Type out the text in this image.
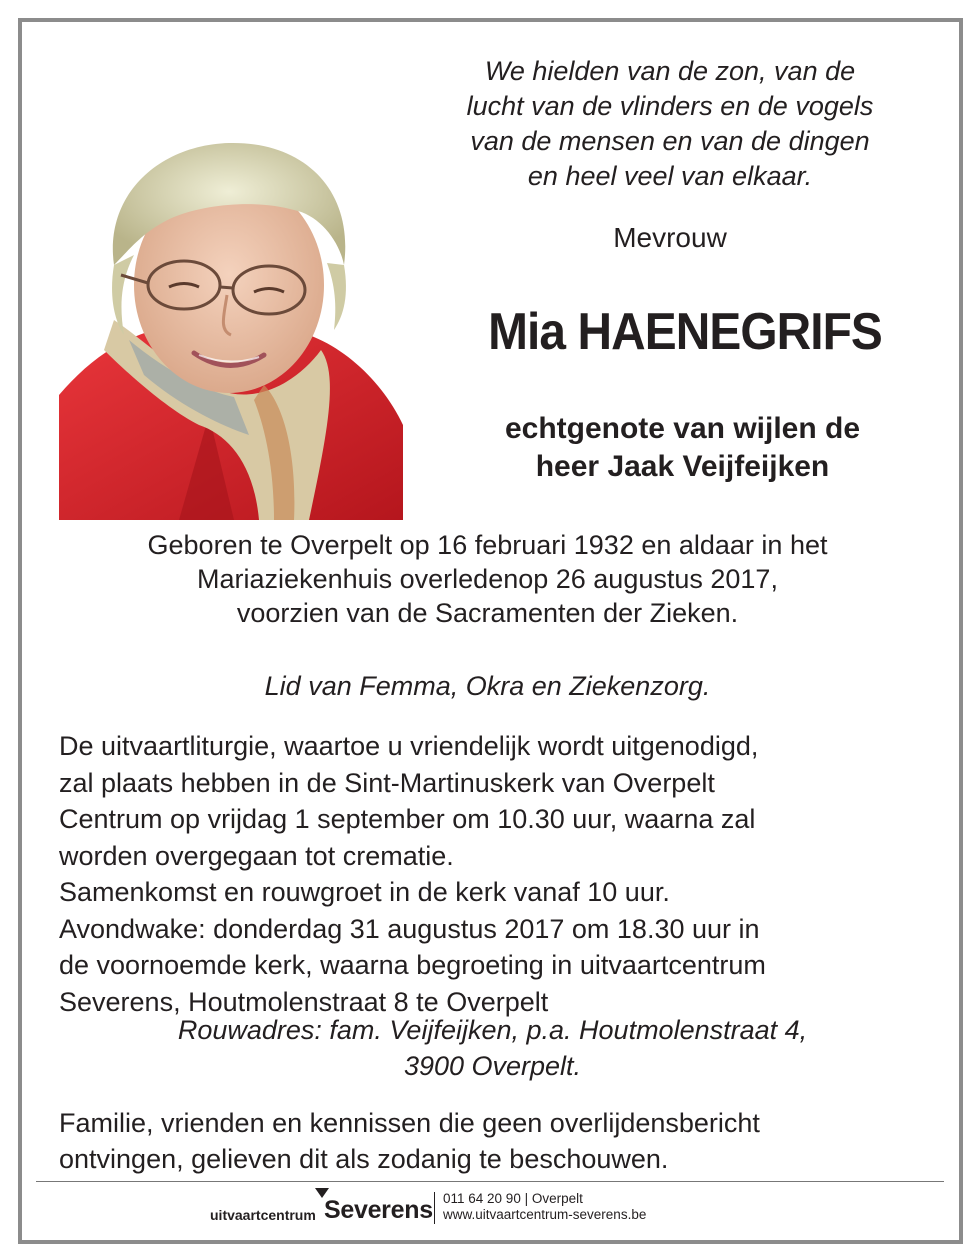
We hielden van de zon, van de
lucht van de vlinders en de vogels
van de mensen en van de dingen
en heel veel van elkaar.
Mevrouw
Mia HAENEGRIFS
echtgenote van wijlen de
heer Jaak Veijfeijken
Geboren te Overpelt op 16 februari 1932 en aldaar in het
Mariaziekenhuis overledenop 26 augustus 2017,
voorzien van de Sacramenten der Zieken.
Lid van Femma, Okra en Ziekenzorg.
De uitvaartliturgie, waartoe u vriendelijk wordt uitgenodigd,
zal plaats hebben in de Sint-Martinuskerk van Overpelt
Centrum op vrijdag 1 september om 10.30 uur, waarna zal
worden overgegaan tot crematie.
Samenkomst en rouwgroet in de kerk vanaf 10 uur.
Avondwake: donderdag 31 augustus 2017 om 18.30 uur in
de voornoemde kerk, waarna begroeting in uitvaartcentrum
Severens, Houtmolenstraat 8 te Overpelt
Rouwadres: fam. Veijfeijken, p.a. Houtmolenstraat 4,
3900 Overpelt.
Familie, vrienden en kennissen die geen overlijdensbericht
ontvingen, gelieven dit als zodanig te beschouwen.
uitvaartcentrum Severens 011 64 20 90 | Overpelt
www.uitvaartcentrum-severens.be
